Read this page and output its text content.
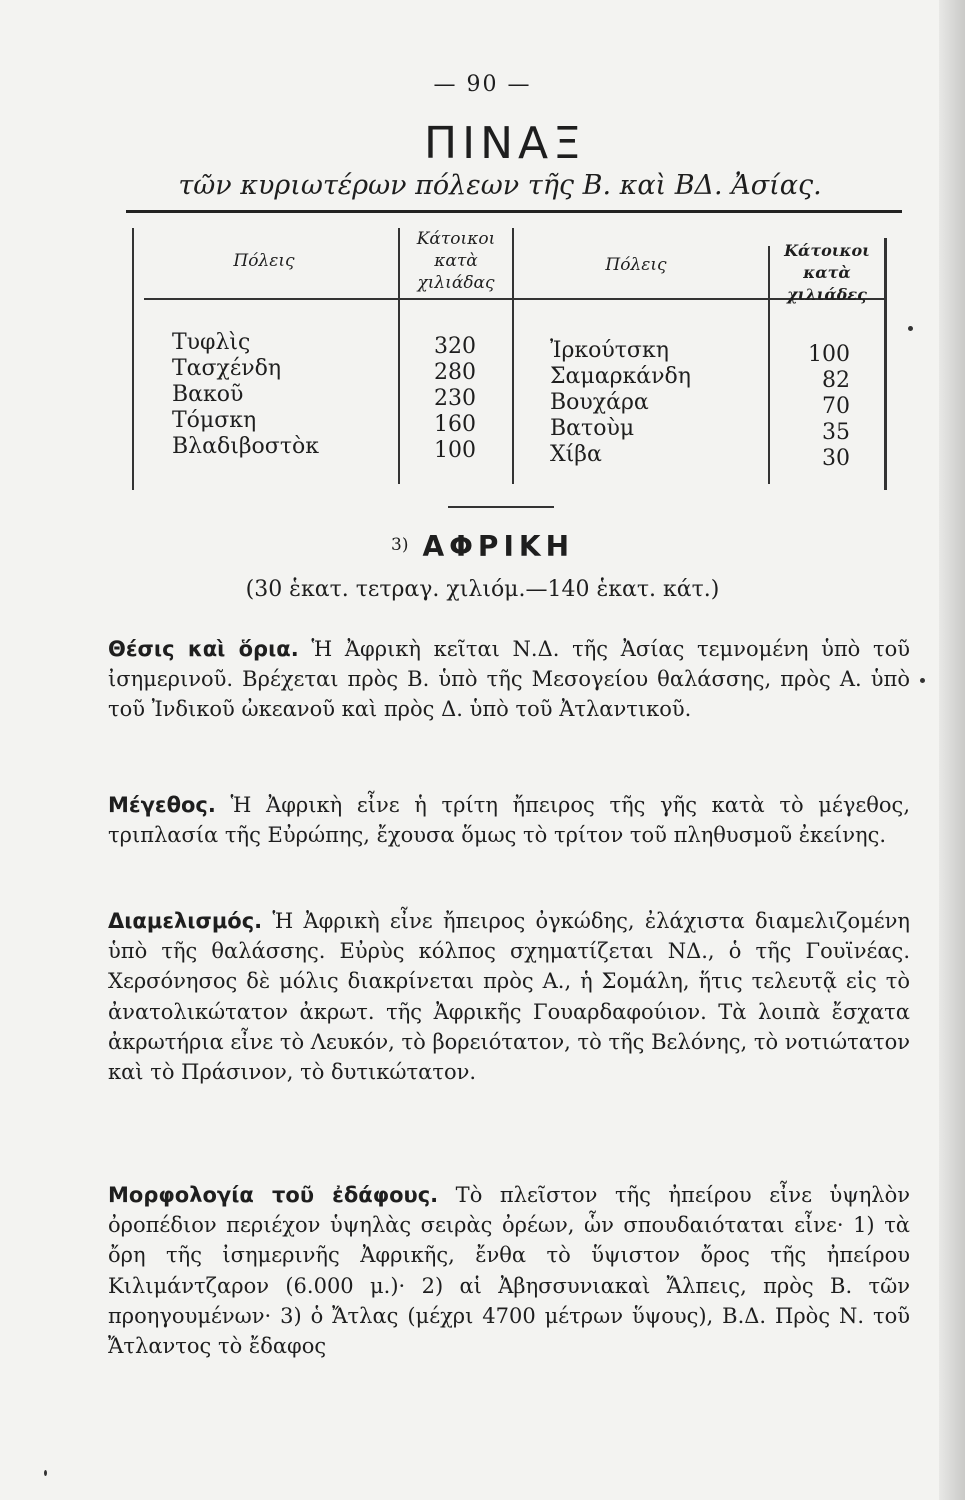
— 90 —
ΠΙΝΑΞ
τῶν κυριωτέρων πόλεων τῆς Β. καὶ ΒΔ. Ἀσίας.
Πόλεις
Κάτοικοι
κατὰ
χιλιάδας
Πόλεις
Κάτοικοι
κατὰ
χιλιάδες
Τυφλὶς
Τασχένδη
Βακοῦ
Τόμσκη
Βλαδιβοστὸκ
320
280
230
160
100
Ἰρκούτσκη
Σαμαρκάνδη
Βουχάρα
Βατοὺμ
Χίβα
100
82
70
35
30
3) ΑΦΡΙΚΗ
(30 ἑκατ. τετραγ. χιλιόμ.—140 ἑκατ. κάτ.)
Θέσις καὶ ὅρια. Ἡ Ἀφρικὴ κεῖται Ν.Δ. τῆς Ἀσίας τεμνομένη ὑπὸ τοῦ ἰσημερινοῦ. Βρέχεται πρὸς Β. ὑπὸ τῆς Μεσογείου θαλάσσης, πρὸς Α. ὑπὸ τοῦ Ἰνδικοῦ ὠκεανοῦ καὶ πρὸς Δ. ὑπὸ τοῦ Ἀτλαντικοῦ.
Μέγεθος. Ἡ Ἀφρικὴ εἶνε ἡ τρίτη ἤπειρος τῆς γῆς κατὰ τὸ μέγεθος, τριπλασία τῆς Εὐρώπης, ἔχουσα ὅμως τὸ τρίτον τοῦ πληθυσμοῦ ἐκείνης.
Διαμελισμός. Ἡ Ἀφρικὴ εἶνε ἤπειρος ὀγκώδης, ἐλάχιστα διαμελιζομένη ὑπὸ τῆς θαλάσσης. Εὐρὺς κόλπος σχηματίζεται ΝΔ., ὁ τῆς Γουϊνέας. Χερσόνησος δὲ μόλις διακρίνεται πρὸς Α., ἡ Σομάλη, ἥτις τελευτᾷ εἰς τὸ ἀνατολικώτατον ἀκρωτ. τῆς Ἀφρικῆς Γουαρδαφούιον. Τὰ λοιπὰ ἔσχατα ἀκρωτήρια εἶνε τὸ Λευκόν, τὸ βορειότατον, τὸ τῆς Βελόνης, τὸ νοτιώτατον καὶ τὸ Πράσινον, τὸ δυτικώτατον.
Μορφολογία τοῦ ἐδάφους. Τὸ πλεῖστον τῆς ἠπείρου εἶνε ὑψηλὸν ὀροπέδιον περιέχον ὑψηλὰς σειρὰς ὀρέων, ὧν σπουδαιόταται εἶνε· 1) τὰ ὄρη τῆς ἰσημερινῆς Ἀφρικῆς, ἔνθα τὸ ὕψιστον ὄρος τῆς ἠπείρου Κιλιμάντζαρον (6.000 μ.)· 2) αἱ Ἀβησσυνιακαὶ Ἄλπεις, πρὸς Β. τῶν προηγουμένων· 3) ὁ Ἄτλας (μέχρι 4700 μέτρων ὕψους), Β.Δ. Πρὸς Ν. τοῦ Ἄτλαντος τὸ ἔδαφος
